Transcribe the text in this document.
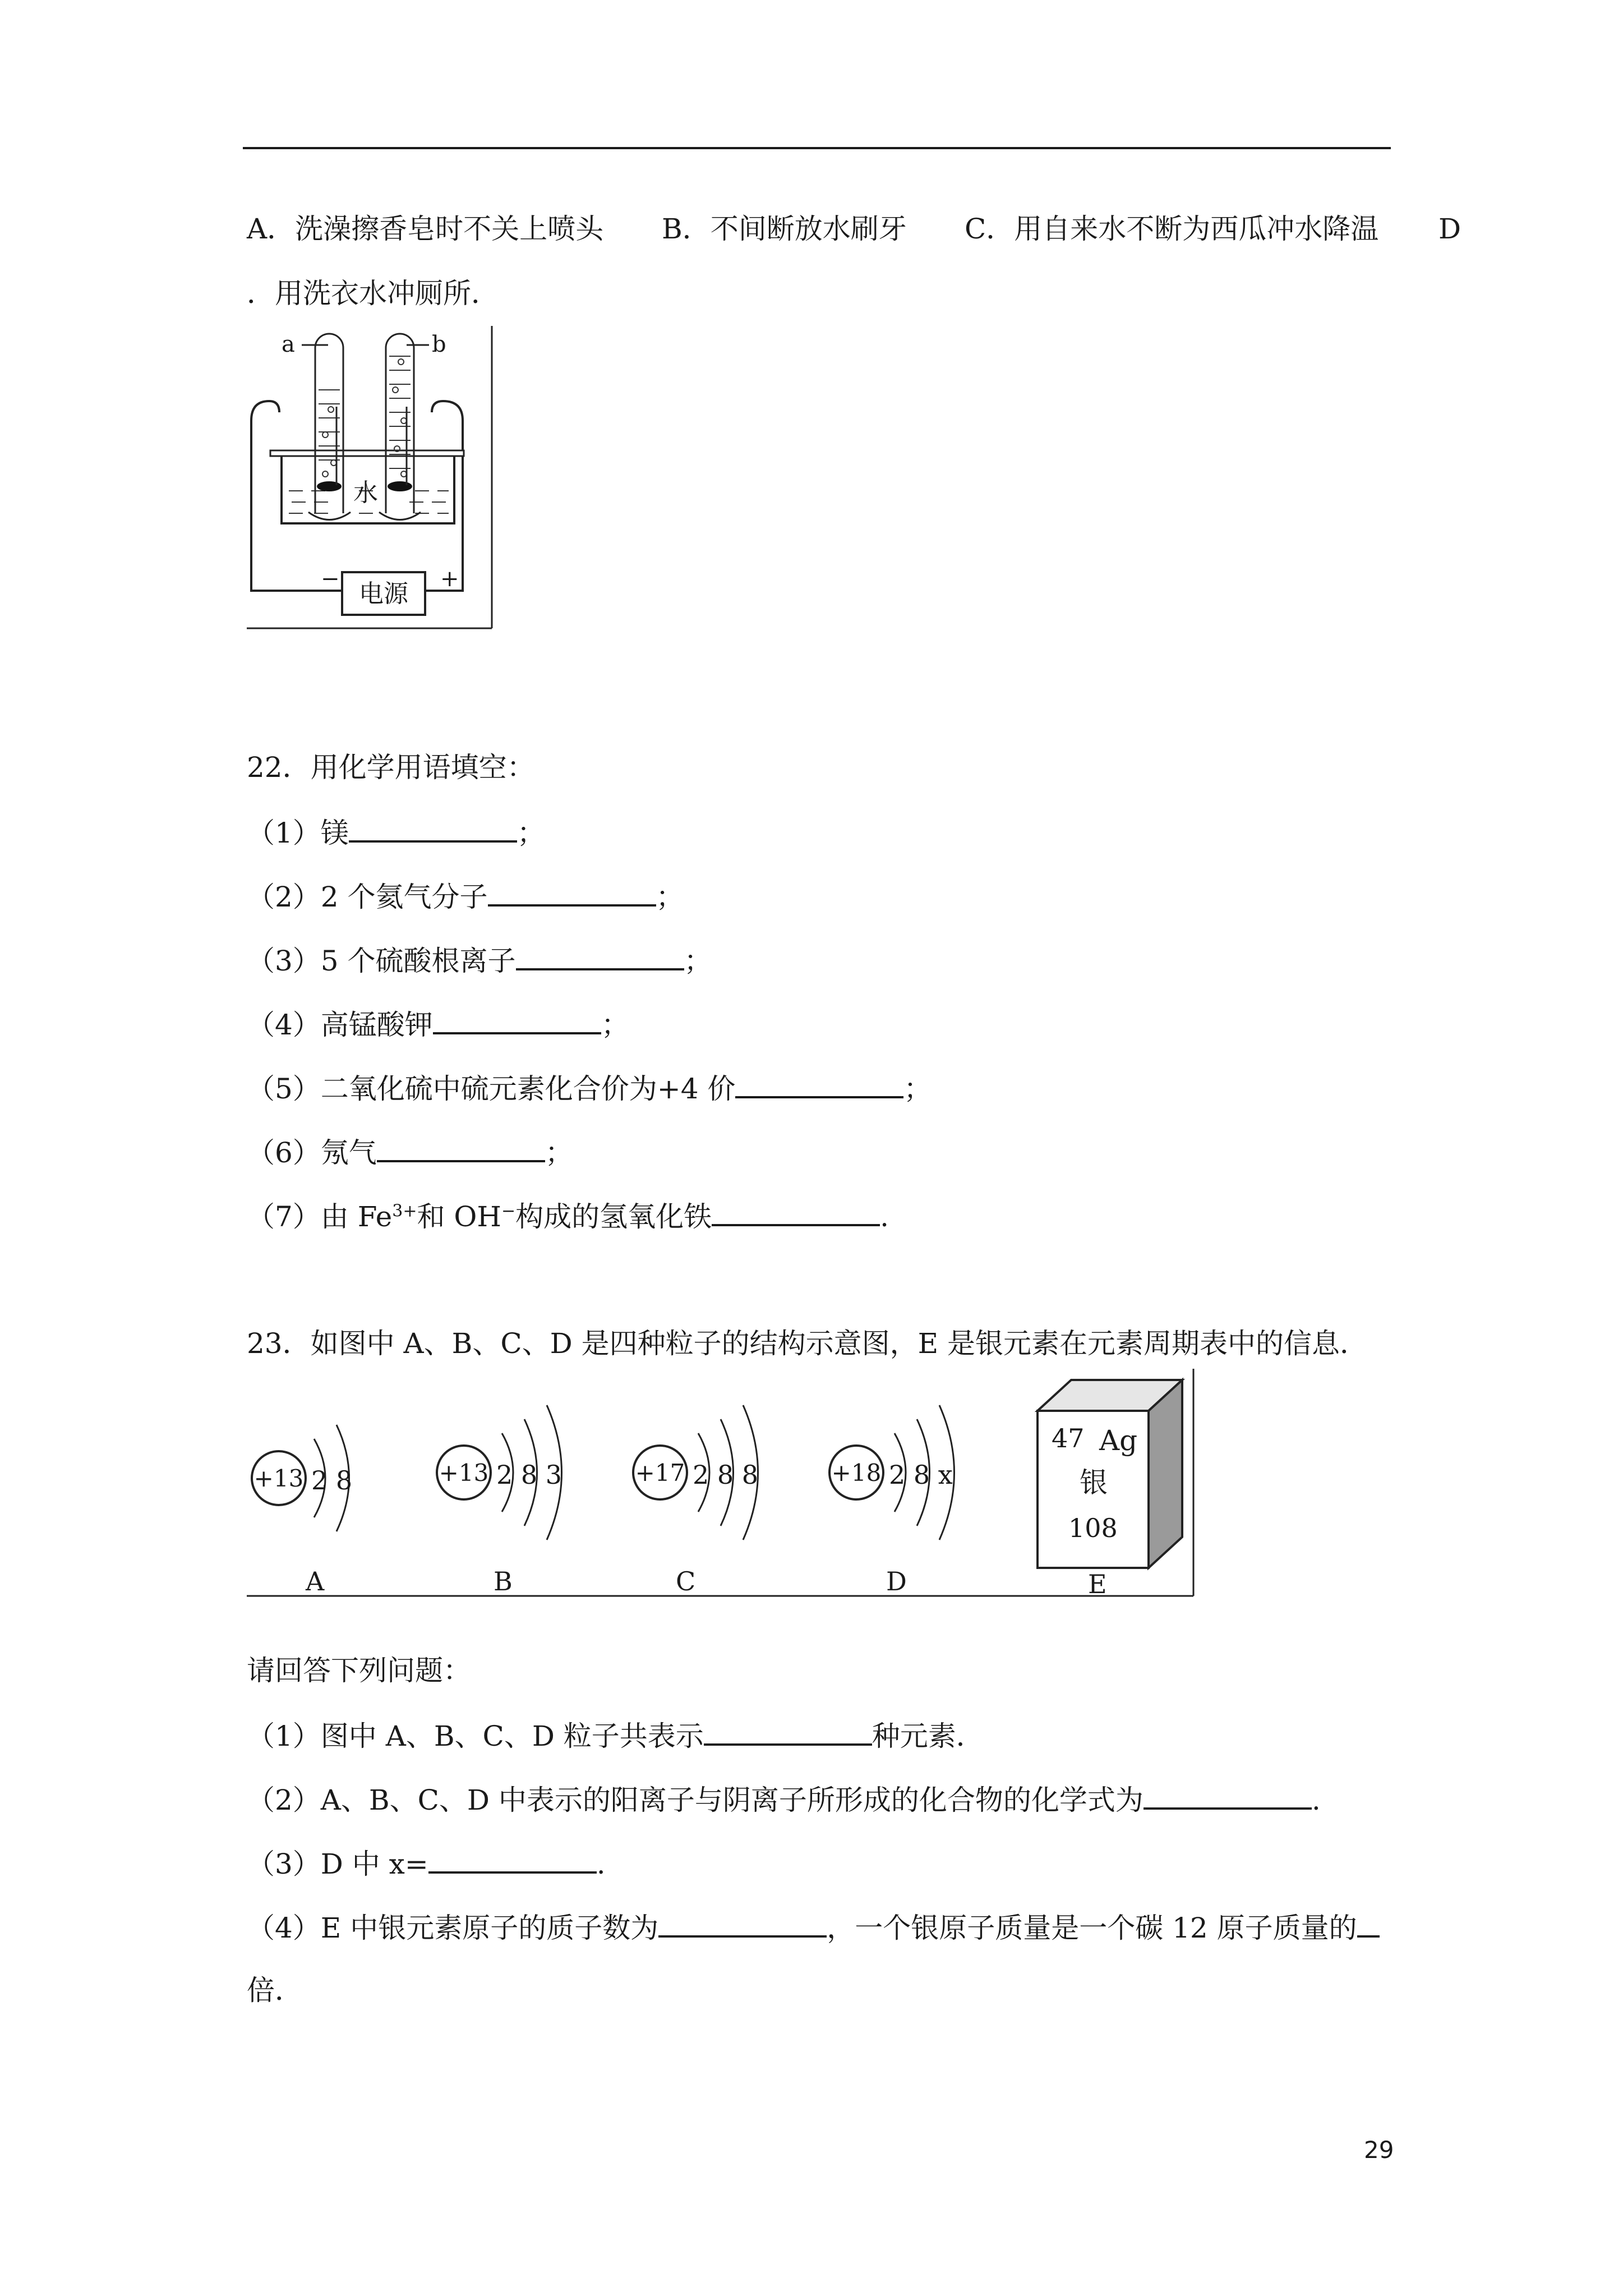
A．洗澡擦香皂时不关上喷头 B．不间断放水刷牙 C．用自来水不断为西瓜冲水降温 D
．用洗衣水冲厕所．
a	b
水
电源
−	+
22．用化学用语填空：
（1）镁	；
（2）2 个氦气分子	；
（3）5 个硫酸根离子	；
（4）高锰酸钾	；
（5）二氧化硫中硫元素化合价为+4 价	；
（6）氖气	；
（7）由 $Fe^{3+}$和 OH−构成的氢氧化铁	.
23．如图中 A、B、C、D 是四种粒子的结构示意图，E 是银元素在元素周期表中的信息．
+13 2 8
A
+13 2 8 3
B
+17 2 8 8
C
+18 2 8 x
D
47 Ag
银
108
E
请回答下列问题：
（1）图中 A、B、C、D 粒子共表示	种元素．
（2）A、B、C、D 中表示的阳离子与阴离子所形成的化合物的化学式为	.
（3）D 中 x=	.
（4）E 中银元素原子的质子数为	，一个银原子质量是一个碳 12 原子质量的
倍．
29
